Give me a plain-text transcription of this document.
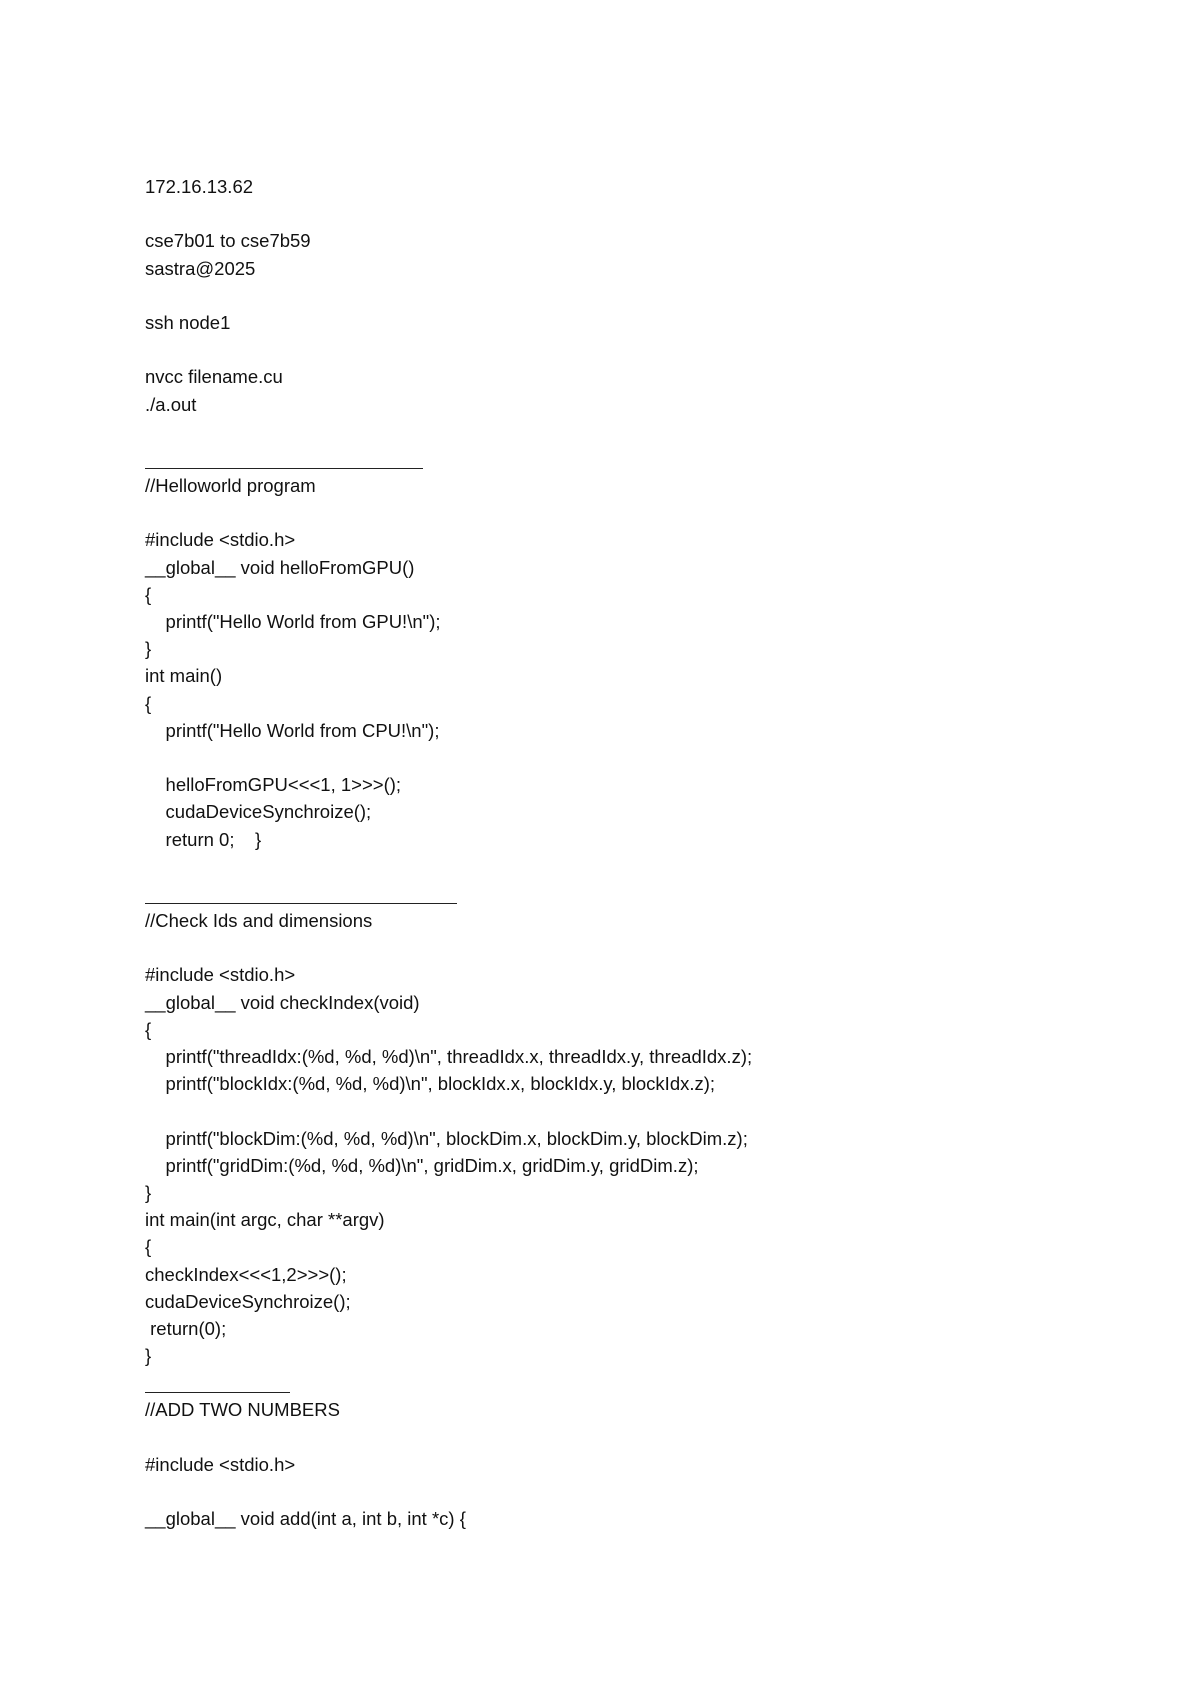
172.16.13.62
cse7b01 to cse7b59
sastra@2025
ssh node1
nvcc filename.cu
./a.out
//Helloworld program
#include <stdio.h>
__global__ void helloFromGPU()
{
printf("Hello World from GPU!\n");
}
int main()
{
printf("Hello World from CPU!\n");
helloFromGPU<<<1, 1>>>();
cudaDeviceSynchroize();
return 0;    }
//Check Ids and dimensions
#include <stdio.h>
__global__ void checkIndex(void)
{
printf("threadIdx:(%d, %d, %d)\n", threadIdx.x, threadIdx.y, threadIdx.z);
printf("blockIdx:(%d, %d, %d)\n", blockIdx.x, blockIdx.y, blockIdx.z);
printf("blockDim:(%d, %d, %d)\n", blockDim.x, blockDim.y, blockDim.z);
printf("gridDim:(%d, %d, %d)\n", gridDim.x, gridDim.y, gridDim.z);
}
int main(int argc, char **argv)
{
checkIndex<<<1,2>>>();
cudaDeviceSynchroize();
return(0);
}
//ADD TWO NUMBERS
#include <stdio.h>
__global__ void add(int a, int b, int *c) {
